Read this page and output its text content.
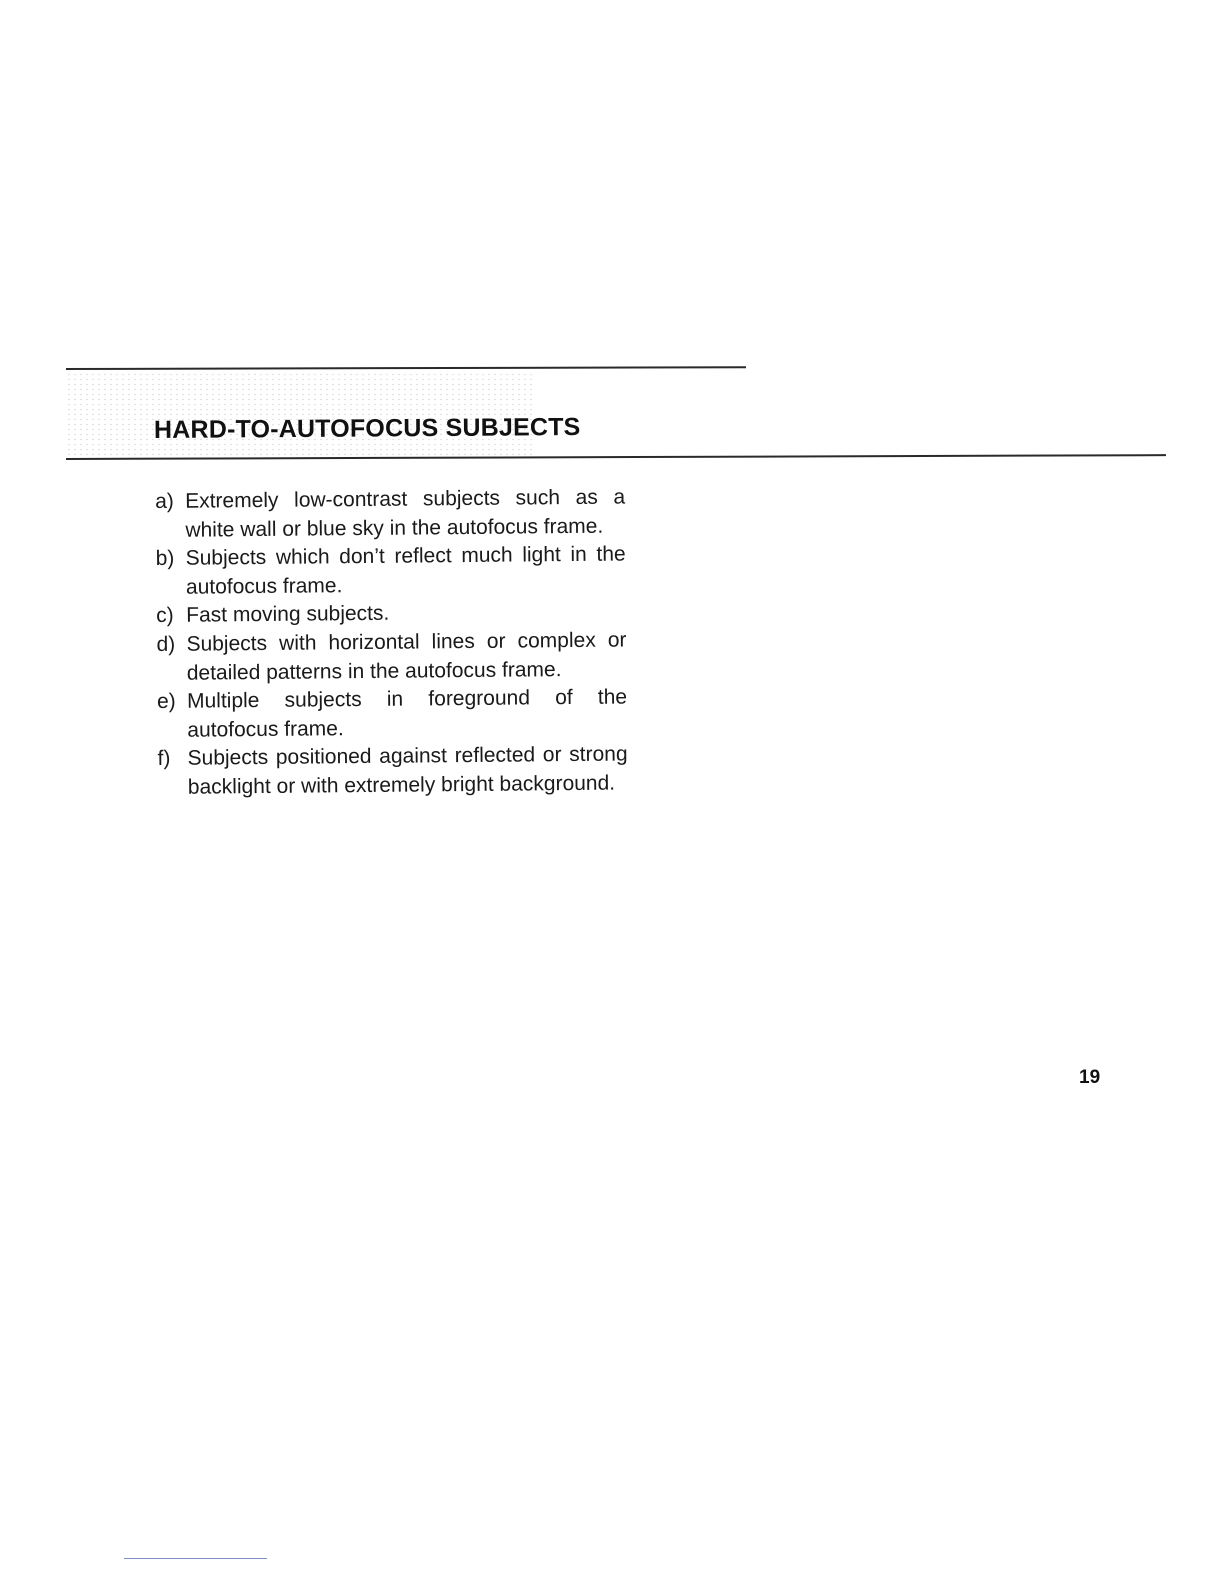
HARD-TO-AUTOFOCUS SUBJECTS
a) Extremely low-contrast subjects such as a white wall or blue sky in the autofocus frame.
b) Subjects which don’t reflect much light in the autofocus frame.
c) Fast moving subjects.
d) Subjects with horizontal lines or complex or detailed patterns in the autofocus frame.
e) Multiple subjects in foreground of the autofocus frame.
f) Subjects positioned against reflected or strong backlight or with extremely bright background.
19
